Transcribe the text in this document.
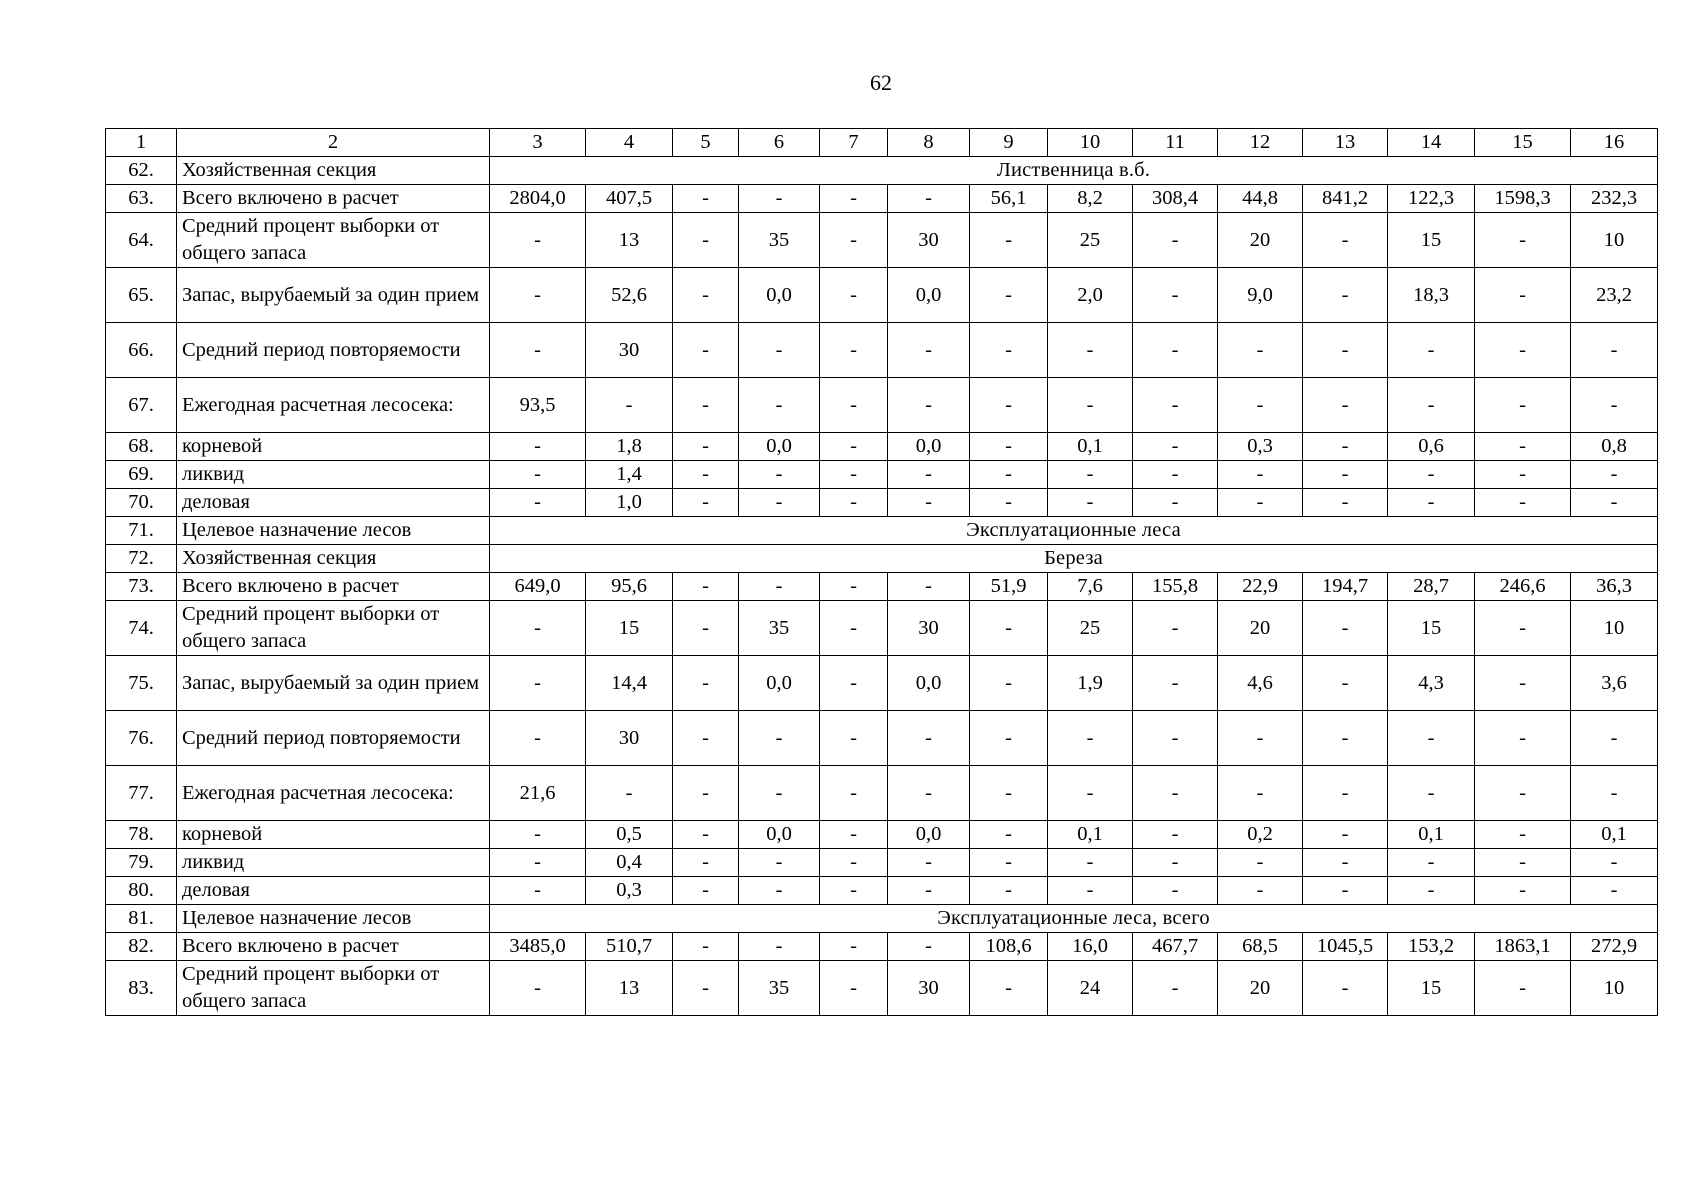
62
1	2	3	4	5	6	7	8	9	10	11	12	13	14	15	16
62.	Хозяйственная секция	Лиственница в.б.													
63.	Всего включено в расчет	2804,0	407,5	-	-	-	-	56,1	8,2	308,4	44,8	841,2	122,3	1598,3	232,3
64.	Средний процент выборки от общего запаса	-	13	-	35	-	30	-	25	-	20	-	15	-	10
65.	Запас, вырубаемый за один прием	-	52,6	-	0,0	-	0,0	-	2,0	-	9,0	-	18,3	-	23,2
66.	Средний период повторяемости	-	30	-	-	-	-	-	-	-	-	-	-	-	-
67.	Ежегодная расчетная лесосека:	93,5	-	-	-	-	-	-	-	-	-	-	-	-	-
68.	корневой	-	1,8	-	0,0	-	0,0	-	0,1	-	0,3	-	0,6	-	0,8
69.	ликвид	-	1,4	-	-	-	-	-	-	-	-	-	-	-	-
70.	деловая	-	1,0	-	-	-	-	-	-	-	-	-	-	-	-
71.	Целевое назначение лесов	Эксплуатационные леса													
72.	Хозяйственная секция	Береза													
73.	Всего включено в расчет	649,0	95,6	-	-	-	-	51,9	7,6	155,8	22,9	194,7	28,7	246,6	36,3
74.	Средний процент выборки от общего запаса	-	15	-	35	-	30	-	25	-	20	-	15	-	10
75.	Запас, вырубаемый за один прием	-	14,4	-	0,0	-	0,0	-	1,9	-	4,6	-	4,3	-	3,6
76.	Средний период повторяемости	-	30	-	-	-	-	-	-	-	-	-	-	-	-
77.	Ежегодная расчетная лесосека:	21,6	-	-	-	-	-	-	-	-	-	-	-	-	-
78.	корневой	-	0,5	-	0,0	-	0,0	-	0,1	-	0,2	-	0,1	-	0,1
79.	ликвид	-	0,4	-	-	-	-	-	-	-	-	-	-	-	-
80.	деловая	-	0,3	-	-	-	-	-	-	-	-	-	-	-	-
81.	Целевое назначение лесов	Эксплуатационные леса, всего													
82.	Всего включено в расчет	3485,0	510,7	-	-	-	-	108,6	16,0	467,7	68,5	1045,5	153,2	1863,1	272,9
83.	Средний процент выборки от общего запаса	-	13	-	35	-	30	-	24	-	20	-	15	-	10
